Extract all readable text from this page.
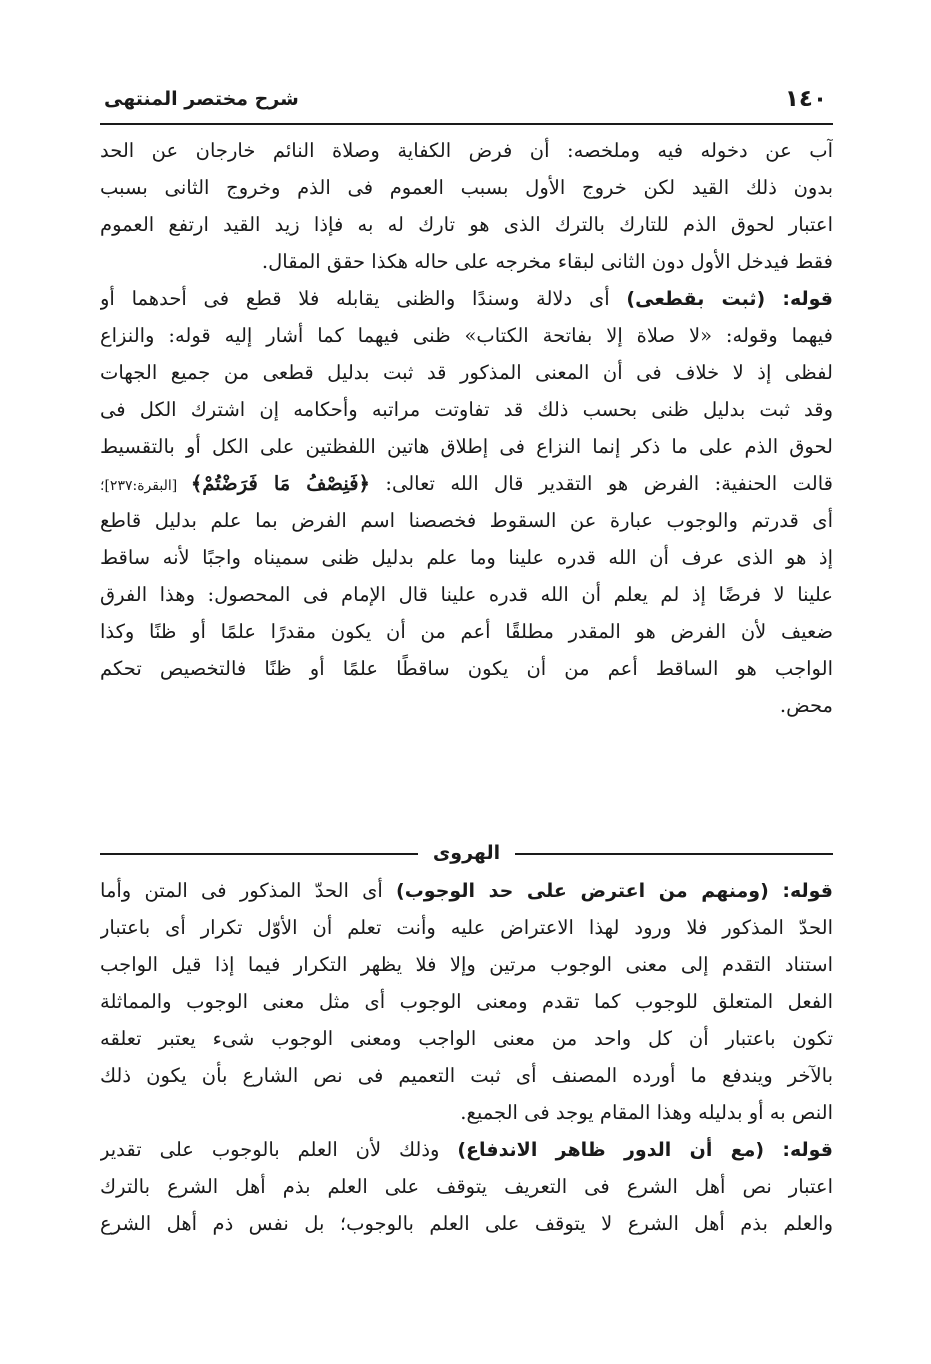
١٤٠
شرح مختصر المنتهى
آب عن دخوله فيه وملخصه: أن فرض الكفاية وصلاة النائم خارجان عن الحد
بدون ذلك القيد لكن خروج الأول بسبب العموم فى الذم وخروج الثانى بسبب
اعتبار لحوق الذم للتارك بالترك الذى هو تارك له به فإذا زيد القيد ارتفع العموم
فقط فيدخل الأول دون الثانى لبقاء مخرجه على حاله هكذا حقق المقال.
قوله: (ثبت بقطعى) أى دلالة وسندًا والظنى يقابله فلا قطع فى أحدهما أو
فيهما وقوله: «لا صلاة إلا بفاتحة الكتاب» ظنى فيهما كما أشار إليه قوله: والنزاع
لفظى إذ لا خلاف فى أن المعنى المذكور قد ثبت بدليل قطعى من جميع الجهات
وقد ثبت بدليل ظنى بحسب ذلك قد تفاوتت مراتبه وأحكامه إن اشترك الكل فى
لحوق الذم على ما ذكر إنما النزاع فى إطلاق هاتين اللفظتين على الكل أو بالتقسيط
قالت الحنفية: الفرض هو التقدير قال الله تعالى: ﴿فَنِصْفُ مَا فَرَضْتُمْ﴾ [البقرة:٢٣٧]؛
أى قدرتم والوجوب عبارة عن السقوط فخصصنا اسم الفرض بما علم بدليل قاطع
إذ هو الذى عرف أن الله قدره علينا وما علم بدليل ظنى سميناه واجبًا لأنه ساقط
علينا لا فرضًا إذ لم يعلم أن الله قدره علينا قال الإمام فى المحصول: وهذا الفرق
ضعيف لأن الفرض هو المقدر مطلقًا أعم من أن يكون مقدرًا علمًا أو ظنًا وكذا
الواجب هو الساقط أعم من أن يكون ساقطًا علمًا أو ظنًا فالتخصيص تحكم
محض.
الهروى
قوله: (ومنهم من اعترض على حد الوجوب) أى الحدّ المذكور فى المتن وأما
الحدّ المذكور فلا ورود لهذا الاعتراض عليه وأنت تعلم أن الأوّل تكرار أى باعتبار
استناد التقدم إلى معنى الوجوب مرتين وإلا فلا يظهر التكرار فيما إذا قيل الواجب
الفعل المتعلق للوجوب كما تقدم ومعنى الوجوب أى مثل معنى الوجوب والمماثلة
تكون باعتبار أن كل واحد من معنى الواجب ومعنى الوجوب شىء يعتبر تعلقه
بالآخر ويندفع ما أورده المصنف أى ثبت التعميم فى نص الشارع بأن يكون ذلك
النص به أو بدليله وهذا المقام يوجد فى الجميع.
قوله: (مع أن الدور ظاهر الاندفاع) وذلك لأن العلم بالوجوب على تقدير
اعتبار نص أهل الشرع فى التعريف يتوقف على العلم بذم أهل الشرع بالترك
والعلم بذم أهل الشرع لا يتوقف على العلم بالوجوب؛ بل نفس ذم أهل الشرع
